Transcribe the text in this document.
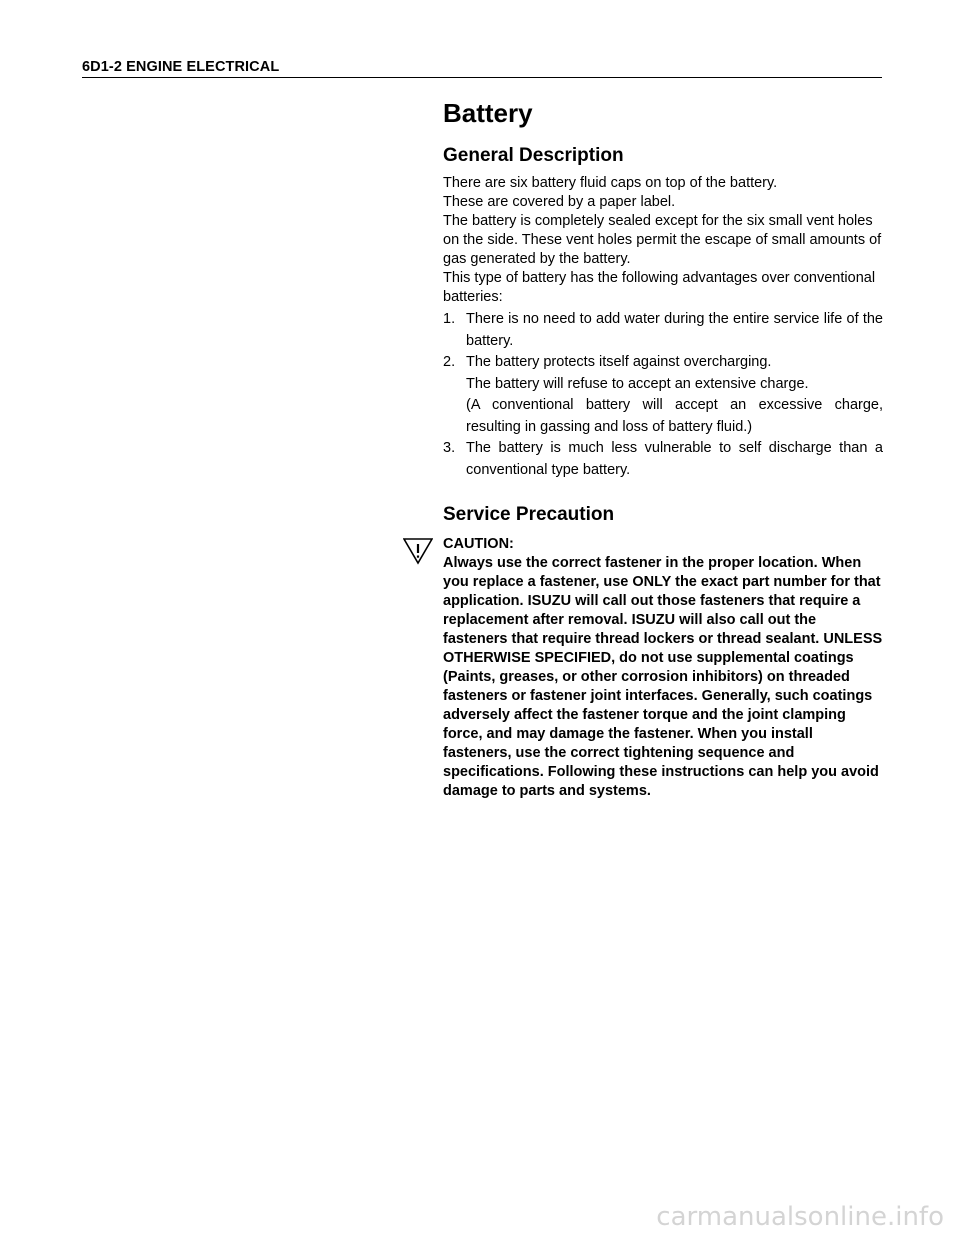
6D1-2 ENGINE ELECTRICAL
Battery
General Description
There are six battery fluid caps on top of the battery.
These are covered by a paper label.
The battery is completely sealed except for the six small vent holes on the side. These vent holes permit the escape of small amounts of gas generated by the battery.
This type of battery has the following advantages over conventional batteries:
1. There is no need to add water during the entire service life of the battery.

2. The battery protects itself against overcharging.

The battery will refuse to accept an extensive charge.

(A conventional battery will accept an excessive charge, resulting in gassing and loss of battery fluid.)

3. The battery is much less vulnerable to self discharge than a conventional type battery.

Service Precaution
CAUTION:
Always use the correct fastener in the proper location. When you replace a fastener, use ONLY the exact part number for that application. ISUZU will call out those fasteners that require a replacement after removal. ISUZU will also call out the fasteners that require thread lockers or thread sealant. UNLESS OTHERWISE SPECIFIED, do not use supplemental coatings (Paints, greases, or other corrosion inhibitors) on threaded fasteners or fastener joint interfaces. Generally, such coatings adversely affect the fastener torque and the joint clamping force, and may damage the fastener. When you install fasteners, use the correct tightening sequence and specifications. Following these instructions can help you avoid damage to parts and systems.
carmanualsonline.info
